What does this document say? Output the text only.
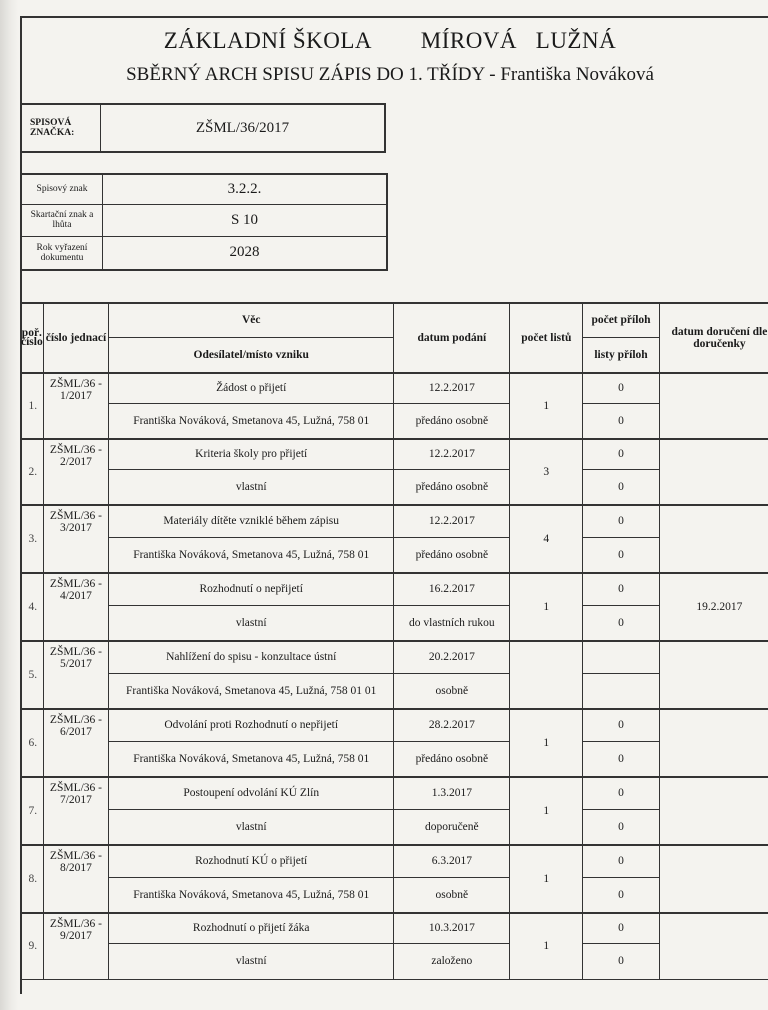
ZÁKLADNÍ ŠKOLA        MÍROVÁ   LUŽNÁ
SBĚRNÝ ARCH SPISU ZÁPIS DO 1. TŘÍDY - Františka Nováková
SPISOVÁ ZNAČKA:	ZŠML/36/2017
Spisový znak	3.2.2.
Skartační znak a lhůta	S 10
Rok vyřazení dokumentu	2028
poř. číslo	číslo jednací	Věc	datum podání	počet listů	počet příloh	datum doručení dle doručenky
		Odesílatel/místo vzniku			listy příloh	
1.	ZŠML/36 - 1/2017	Žádost o přijetí	12.2.2017	1	0	
		Františka Nováková, Smetanova 45, Lužná, 758 01	předáno osobně		0	
2.	ZŠML/36 - 2/2017	Kriteria školy pro přijetí	12.2.2017	3	0	
		vlastní	předáno osobně		0	
3.	ZŠML/36 - 3/2017	Materiály dítěte vzniklé během zápisu	12.2.2017	4	0	
		Františka Nováková, Smetanova 45, Lužná, 758 01	předáno osobně		0	
4.	ZŠML/36 - 4/2017	Rozhodnutí o nepřijetí	16.2.2017	1	0	19.2.2017
		vlastní	do vlastních rukou		0	
5.	ZŠML/36 - 5/2017	Nahlížení do spisu - konzultace ústní	20.2.2017			
		Františka Nováková, Smetanova 45, Lužná, 758 01 01	osobně			
6.	ZŠML/36 - 6/2017	Odvolání proti Rozhodnutí o nepřijetí	28.2.2017	1	0	
		Františka Nováková, Smetanova 45, Lužná, 758 01	předáno osobně		0	
7.	ZŠML/36 - 7/2017	Postoupení odvolání KÚ Zlín	1.3.2017	1	0	
		vlastní	doporučeně		0	
8.	ZŠML/36 - 8/2017	Rozhodnutí KÚ o přijetí	6.3.2017	1	0	
		Františka Nováková, Smetanova 45, Lužná, 758 01	osobně		0	
9.	ZŠML/36 - 9/2017	Rozhodnutí o přijetí žáka	10.3.2017	1	0	
		vlastní	založeno		0	
